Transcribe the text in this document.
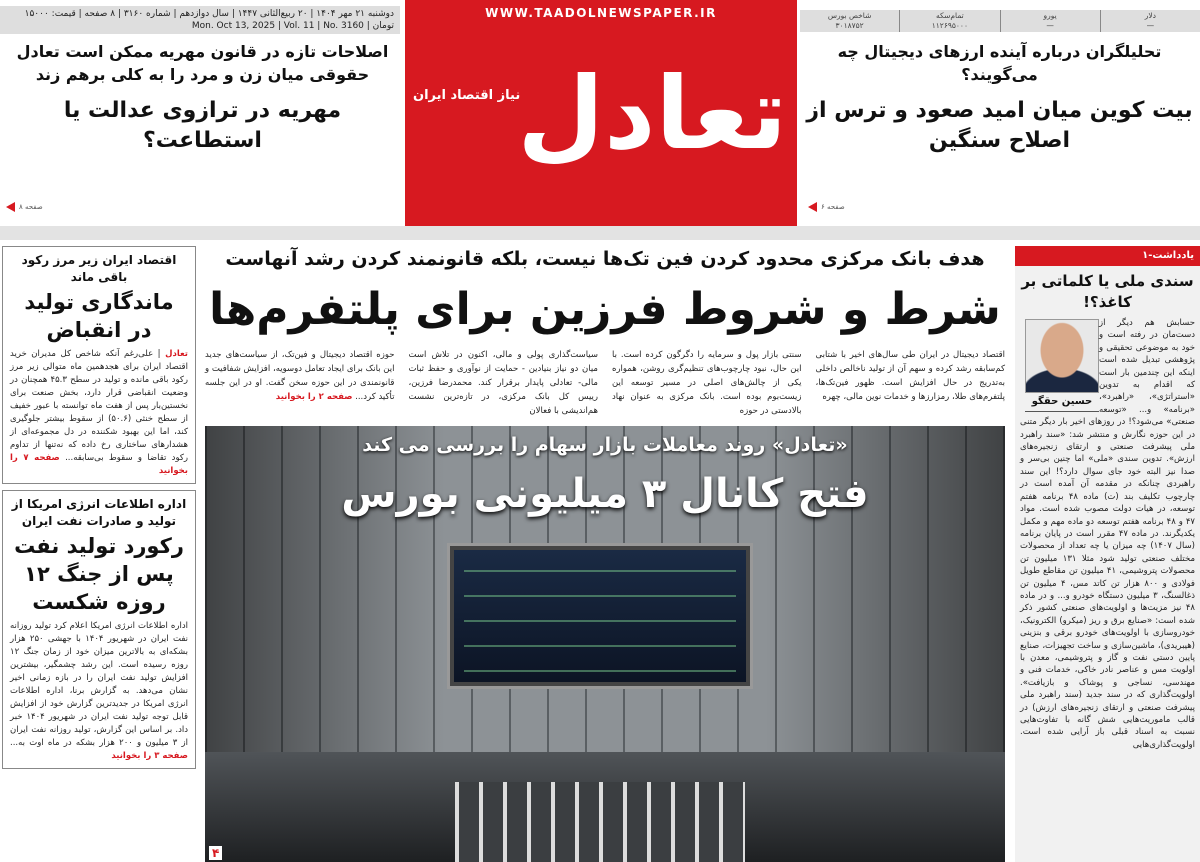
دوشنبه ۲۱ مهر ۱۴۰۴ | ۲۰ ربیع‌الثانی ۱۴۴۷ | سال دوازدهم | شماره ۳۱۶۰ | ۸ صفحه | قیمت: ۱۵۰۰۰ تومان | Mon. Oct 13, 2025 | Vol. 11 | No. 3160
دلار
—
یورو
—
تمام‌سکه
۱۱۲۶۹۵۰۰۰
شاخص بورس
۳۰۱۸۷۵۲
WWW.TAADOLNEWSPAPER.IR
تعادل
نیاز اقتصاد ایران
اصلاحات تازه در قانون مهریه ممکن است تعادل حقوقی میان زن و مرد را به کلی برهم زند
مهریه در ترازوی عدالت یا استطاعت؟
صفحه ۸
تحلیلگران درباره آینده ارزهای دیجیتال چه می‌گویند؟
بیت کوین میان امید صعود و ترس از اصلاح سنگین
صفحه ۶
اقتصاد ایران زیر مرز رکود باقی ماند
ماندگاری تولید در انقباض
تعادل | علی‌رغم آنکه شاخص کل مدیران خرید اقتصاد ایران برای هجدهمین ماه متوالی زیر مرز رکود باقی مانده و تولید در سطح ۴۵.۳ همچنان در وضعیت انقباضی قرار دارد، بخش صنعت برای نخستین‌بار پس از هفت ماه توانسته با عبور خفیف از سطح خنثی (۵۰.۶) از سقوط بیشتر جلوگیری کند، اما این بهبود شکننده در دل مجموعه‌ای از هشدارهای ساختاری رخ داده که نه‌تنها از تداوم رکود تقاضا و سقوط بی‌سابقه... صفحه ۷ را بخوانید
اداره اطلاعات انرژی امریکا از تولید و صادرات نفت ایران
رکورد تولید نفت پس از جنگ ۱۲ روزه شکست
اداره اطلاعات انرژی امریکا اعلام کرد تولید روزانه نفت ایران در شهریور ۱۴۰۴ با جهشی ۲۵۰ هزار بشکه‌ای به بالاترین میزان خود از زمان جنگ ۱۲ روزه رسیده است. این رشد چشمگیر، بیشترین افزایش تولید نفت ایران را در بازه زمانی اخیر نشان می‌دهد. به گزارش برنا، اداره اطلاعات انرژی امریکا در جدیدترین گزارش خود از افزایش قابل توجه تولید نفت ایران در شهریور ۱۴۰۴ خبر داد. بر اساس این گزارش، تولید روزانه نفت ایران از ۳ میلیون و ۲۰۰ هزار بشکه در ماه اوت به... صفحه ۳ را بخوانید
هدف بانک مرکزی محدود کردن فین تک‌ها نیست، بلکه قانونمند کردن رشد آنهاست
شرط و شروط فرزین برای پلتفرم‌ها
اقتصاد دیجیتال در ایران طی سال‌های اخیر با شتابی کم‌سابقه رشد کرده و سهم آن از تولید ناخالص داخلی به‌تدریج در حال افزایش است. ظهور فین‌تک‌ها، پلتفرم‌های طلا، رمزارزها و خدمات نوین مالی، چهره
سنتی بازار پول و سرمایه را دگرگون کرده است. با این حال، نبود چارچوب‌های تنظیم‌گری روشن، همواره یکی از چالش‌های اصلی در مسیر توسعه این زیست‌بوم بوده است. بانک مرکزی به عنوان نهاد بالادستی در حوزه
سیاست‌گذاری پولی و مالی، اکنون در تلاش است میان دو نیاز بنیادین - حمایت از نوآوری و حفظ ثبات مالی- تعادلی پایدار برقرار کند. محمدرضا فرزین، رییس کل بانک مرکزی، در تازه‌ترین نشست هم‌اندیشی با فعالان
حوزه اقتصاد دیجیتال و فین‌تک، از سیاست‌های جدید این بانک برای ایجاد تعامل دوسویه، افزایش شفافیت و قانونمندی در این حوزه سخن گفت. او در این جلسه تأکید کرد... صفحه ۲ را بخوانید
«تعادل» روند معاملات بازار سهام را بررسی می کند
فتح کانال ۳ میلیونی بورس
۴
یادداشت-۱
سندی ملی یا کلماتی بر کاغذ؟!
حسین حقگو
حسابش هم دیگر از دست‌مان در رفته است و خود به موضوعی تحقیقی و پژوهشی تبدیل شده است اینکه این چندمین بار است که اقدام به تدوین «استراتژی»، «راهبرد»، «برنامه» و... «توسعه صنعتی» می‌شود؟! در روزهای اخیر بار دیگر متنی در این حوزه نگارش و منتشر شد: «سند راهبرد ملی پیشرفت صنعتی و ارتقای زنجیره‌های ارزش». تدوین سندی «ملی» اما چنین بی‌سر و صدا نیز البته خود جای سوال دارد؟! این سند راهبردی چنانکه در مقدمه آن آمده است در چارچوب تکلیف بند (ت) ماده ۴۸ برنامه هفتم توسعه، در هیات دولت مصوب شده است. مواد ۴۷ و ۴۸ برنامه هفتم توسعه دو ماده مهم و مکمل یکدیگرند. در ماده ۴۷ مقرر است در پایان برنامه (سال ۱۴۰۷) چه میزان یا چه تعداد از محصولات مختلف صنعتی تولید شود مثلا ۱۳۱ میلیون تن محصولات پتروشیمی، ۴۱ میلیون تن مقاطع طویل فولادی و ۸۰۰ هزار تن کاتد مس، ۴ میلیون تن ذغالسنگ، ۳ میلیون دستگاه خودرو و... و در ماده ۴۸ نیز مزیت‌ها و اولویت‌های صنعتی کشور ذکر شده است: «صنایع برق و ریز (میکرو) الکترونیک، خودروسازی با اولویت‌های خودرو برقی و بنزینی (هیبریدی)، ماشین‌سازی و ساخت تجهیزات، صنایع پایین دستی نفت و گاز و پتروشیمی، معدن با اولویت مس و عناصر نادر خاکی، خدمات فنی و مهندسی، نساجی و پوشاک و بازیافت». اولویت‌گذاری که در سند جدید (سند راهبرد ملی پیشرفت صنعتی و ارتقای زنجیره‌های ارزش) در قالب ماموریت‌هایی شش گانه با تفاوت‌هایی نسبت به اسناد قبلی باز آرایی شده است. اولویت‌گذاری‌هایی
